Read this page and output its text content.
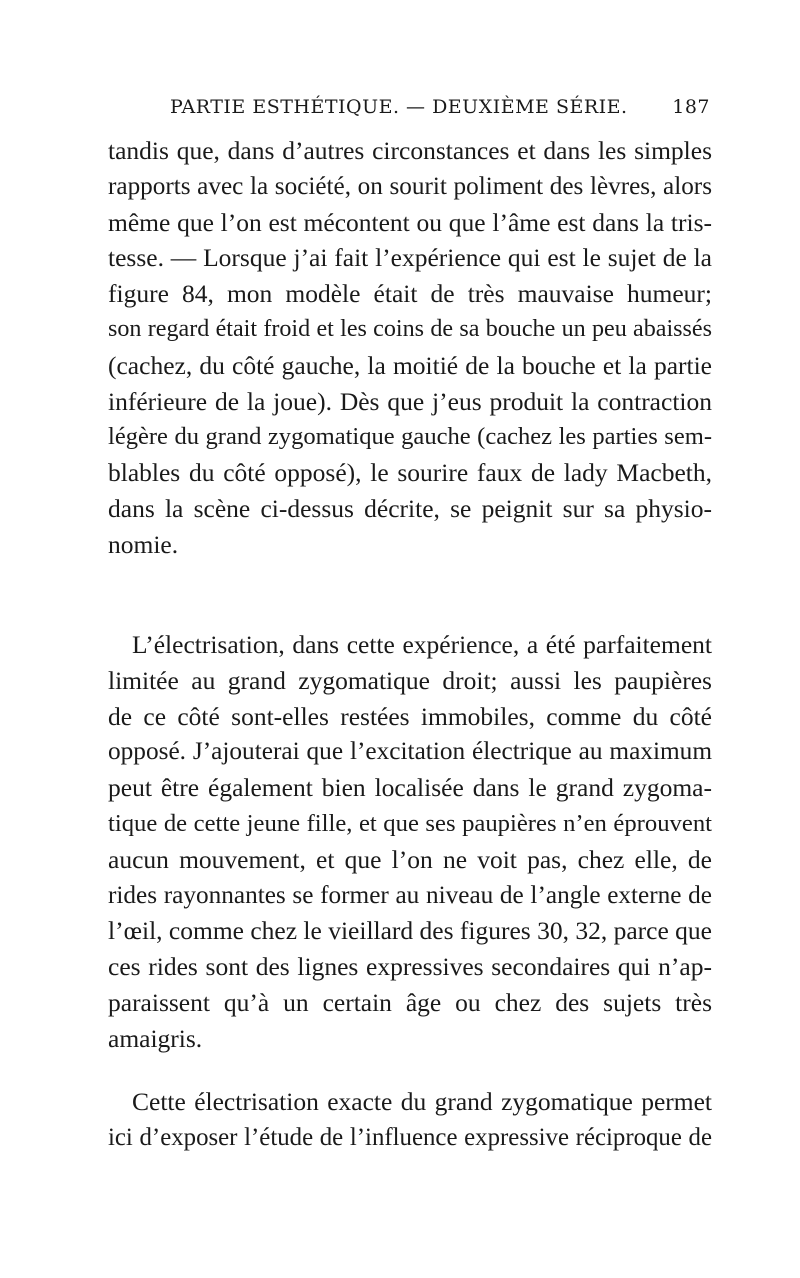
PARTIE ESTHÉTIQUE. — DEUXIÈME SÉRIE. 187
tandis que, dans d’autres circonstances et dans les simples
rapports avec la société, on sourit poliment des lèvres, alors
même que l’on est mécontent ou que l’âme est dans la tris-
tesse. — Lorsque j’ai fait l’expérience qui est le sujet de la
figure 84, mon modèle était de très mauvaise humeur;
son regard était froid et les coins de sa bouche un peu abaissés
(cachez, du côté gauche, la moitié de la bouche et la partie
inférieure de la joue). Dès que j’eus produit la contraction
légère du grand zygomatique gauche (cachez les parties sem-
blables du côté opposé), le sourire faux de lady Macbeth,
dans la scène ci-dessus décrite, se peignit sur sa physio-
nomie.
L’électrisation, dans cette expérience, a été parfaitement
limitée au grand zygomatique droit; aussi les paupières
de ce côté sont-elles restées immobiles, comme du côté
opposé. J’ajouterai que l’excitation électrique au maximum
peut être également bien localisée dans le grand zygoma-
tique de cette jeune fille, et que ses paupières n’en éprouvent
aucun mouvement, et que l’on ne voit pas, chez elle, de
rides rayonnantes se former au niveau de l’angle externe de
l’œil, comme chez le vieillard des figures 30, 32, parce que
ces rides sont des lignes expressives secondaires qui n’ap-
paraissent qu’à un certain âge ou chez des sujets très
amaigris.
Cette électrisation exacte du grand zygomatique permet
ici d’exposer l’étude de l’influence expressive réciproque de
